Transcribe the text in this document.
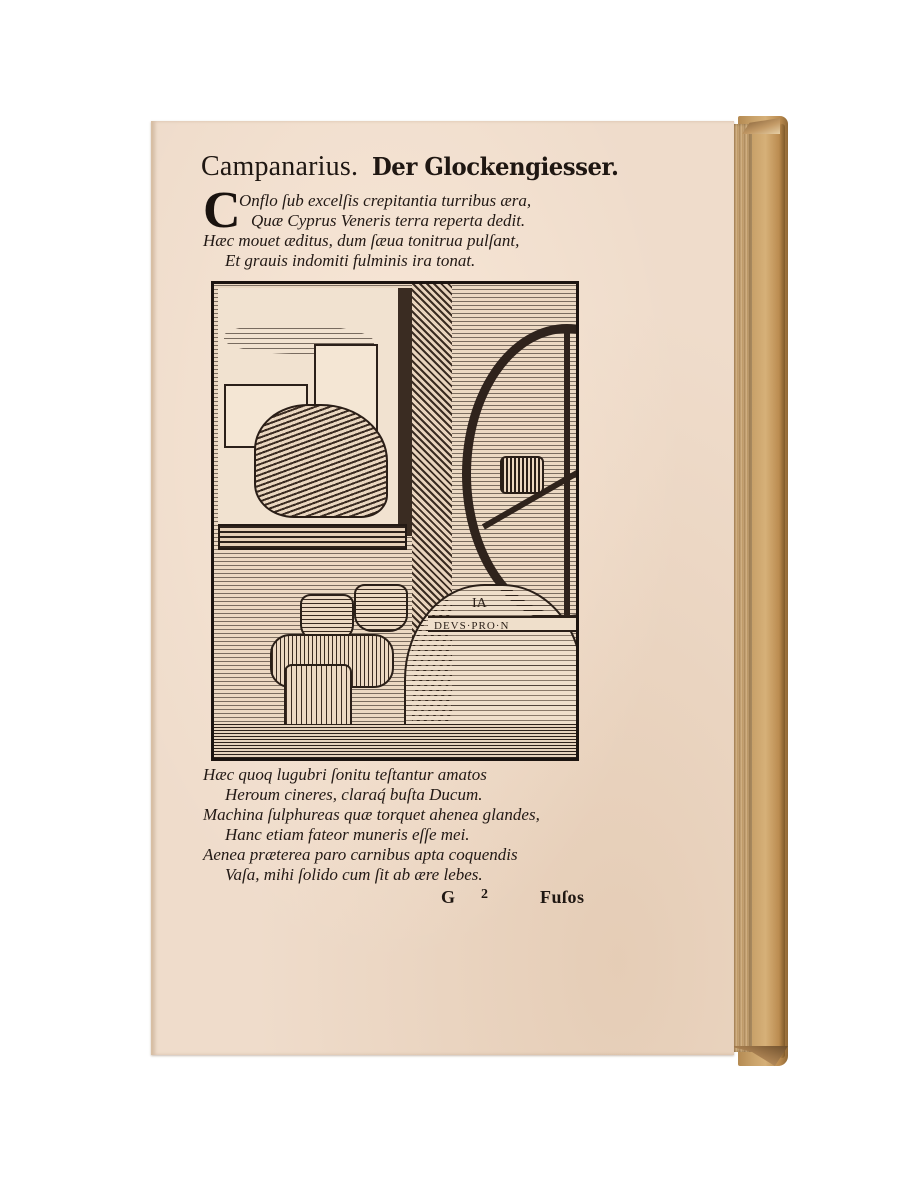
Campanarius. Der Glockengiesser.
C
Onflo ſub excelſis crepitantia turribus æra,
Quæ Cyprus Veneris terra reperta dedit.
Hæc mouet æditus, dum ſæua tonitrua pulſant,
Et grauis indomiti fulminis ira tonat.
IA
DEVS·PRO·N
Hæc quoq lugubri ſonitu teſtantur amatos
Heroum cineres, claraq́ buſta Ducum.
Machina ſulphureas quæ torquet ahenea glandes,
Hanc etiam fateor muneris eſſe mei.
Aenea præterea paro carnibus apta coquendis
Vaſa, mihi ſolido cum ſit ab ære lebes.
G 2	Fuſos
